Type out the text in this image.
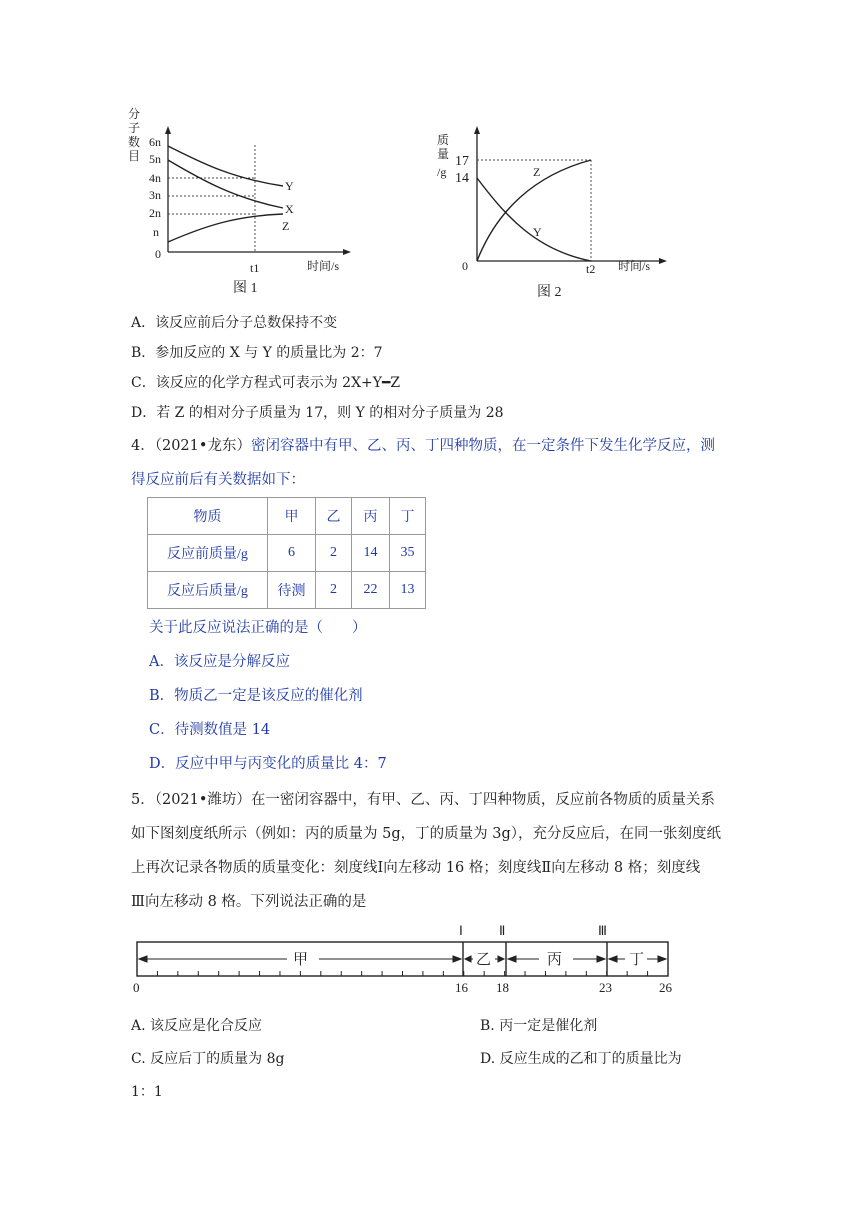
分
子
数
目
6n
5n
4n
3n
2n
n
0
t1	时间/s
图 1
Y
X
Z
质
量
/g
17
14
0	t2 时间/s
图 2
Z
Y
A．该反应前后分子总数保持不变
B．参加反应的 X 与 Y 的质量比为 2：7
C．该反应的化学方程式可表示为 2X+Y━Z
D．若 Z 的相对分子质量为 17，则 Y 的相对分子质量为 28
4．（2021•龙东）密闭容器中有甲、乙、丙、丁四种物质，在一定条件下发生化学反应，测
得反应前后有关数据如下：
物质	甲	乙	丙	丁
反应前质量/g	6	2	14	35
反应后质量/g	待测	2	22	13
关于此反应说法正确的是（　　）
A．该反应是分解反应
B．物质乙一定是该反应的催化剂
C．待测数值是 14
D．反应中甲与丙变化的质量比 4：7
5．（2021•潍坊）在一密闭容器中，有甲、乙、丙、丁四种物质，反应前各物质的质量关系
如下图刻度纸所示（例如：丙的质量为 5g，丁的质量为 3g），充分反应后，在同一张刻度纸
上再次记录各物质的质量变化：刻度线Ⅰ向左移动 16 格；刻度线Ⅱ向左移动 8 格；刻度线
Ⅲ向左移动 8 格。下列说法正确的是
Ⅰ	Ⅱ	Ⅲ
甲	乙	丙	丁
0	16 18	23	26
A. 该反应是化合反应	B. 丙一定是催化剂
C. 反应后丁的质量为 8g	D. 反应生成的乙和丁的质量比为
1：1
